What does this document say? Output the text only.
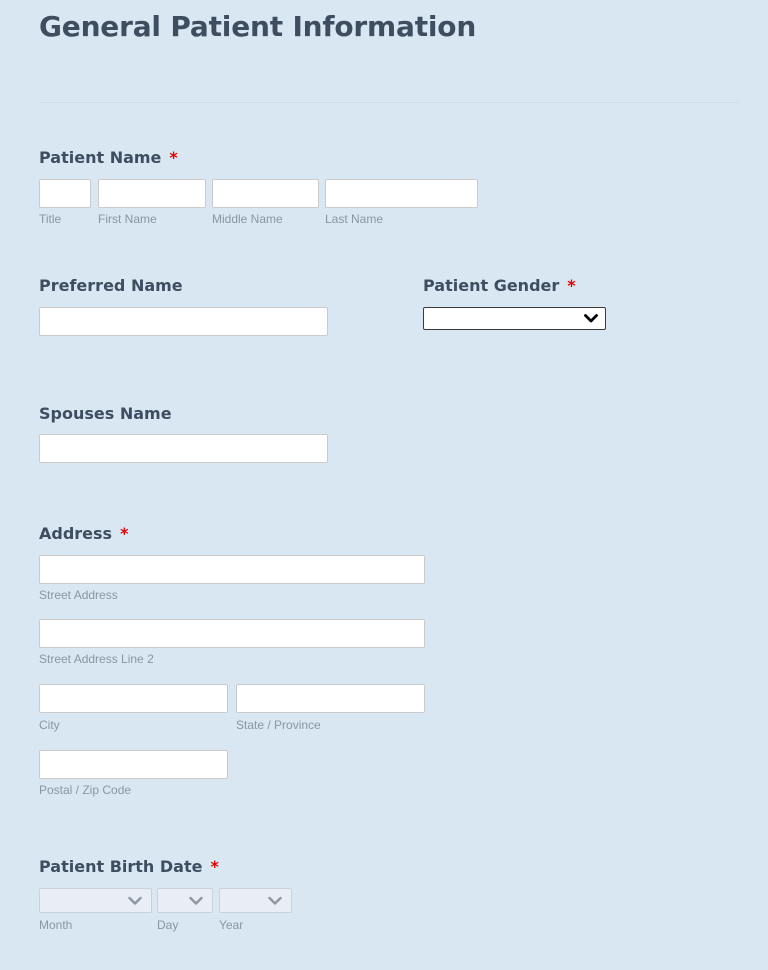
General Patient Information
Patient Name *
Title	First Name	Middle Name	Last Name
Preferred Name	Patient Gender *
Spouses Name
Address *
Street Address
Street Address Line 2
City	State / Province
Postal / Zip Code
Patient Birth Date *
Month	Day	Year
